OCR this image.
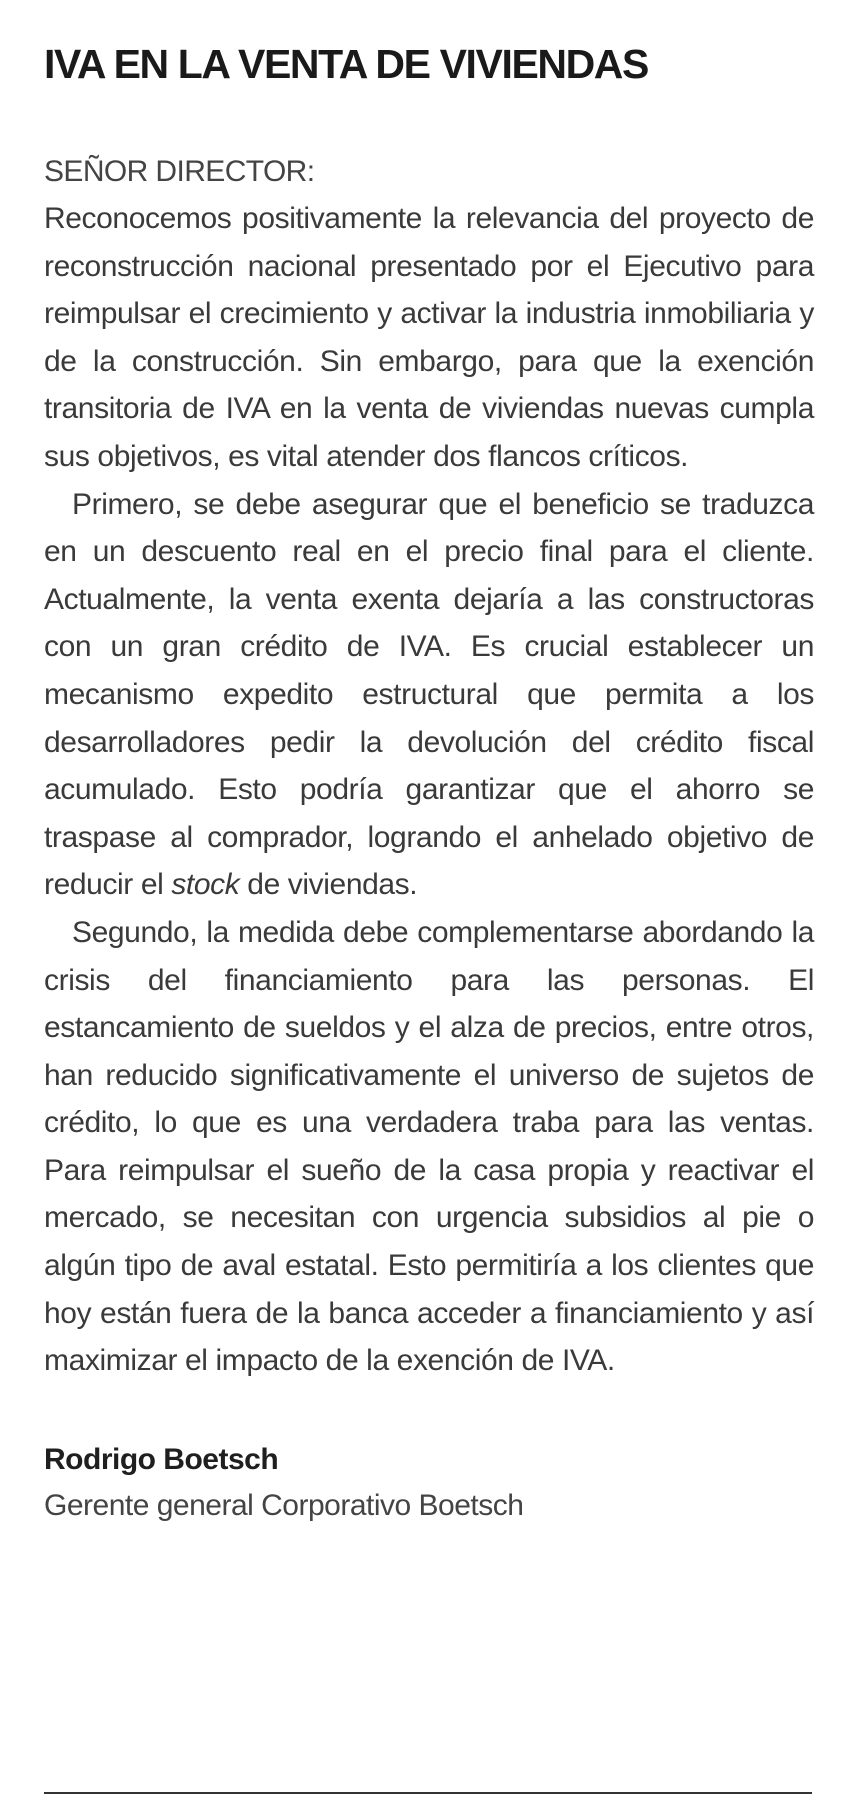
IVA EN LA VENTA DE VIVIENDAS

SEÑOR DIRECTOR:

Reconocemos positivamente la relevancia del proyecto de reconstrucción nacional presentado por el Ejecutivo para reimpulsar el crecimiento y activar la industria inmobiliaria y de la construcción. Sin embargo, para que la exención transitoria de IVA en la venta de viviendas nuevas cumpla sus objetivos, es vital atender dos flancos críticos.

Primero, se debe asegurar que el beneficio se traduzca en un descuento real en el precio final para el cliente. Actualmente, la venta exenta dejaría a las constructoras con un gran crédito de IVA. Es crucial establecer un mecanismo expedito estructural que permita a los desarrolladores pedir la devolución del crédito fiscal acumulado. Esto podría garantizar que el ahorro se traspase al comprador, logrando el anhelado objetivo de reducir el stock de viviendas.

Segundo, la medida debe complementarse abordando la crisis del financiamiento para las personas. El estancamiento de sueldos y el alza de precios, entre otros, han reducido significativamente el universo de sujetos de crédito, lo que es una verdadera traba para las ventas. Para reimpulsar el sueño de la casa propia y reactivar el mercado, se necesitan con urgencia subsidios al pie o algún tipo de aval estatal. Esto permitiría a los clientes que hoy están fuera de la banca acceder a financiamiento y así maximizar el impacto de la exención de IVA.

Rodrigo Boetsch

Gerente general Corporativo Boetsch
